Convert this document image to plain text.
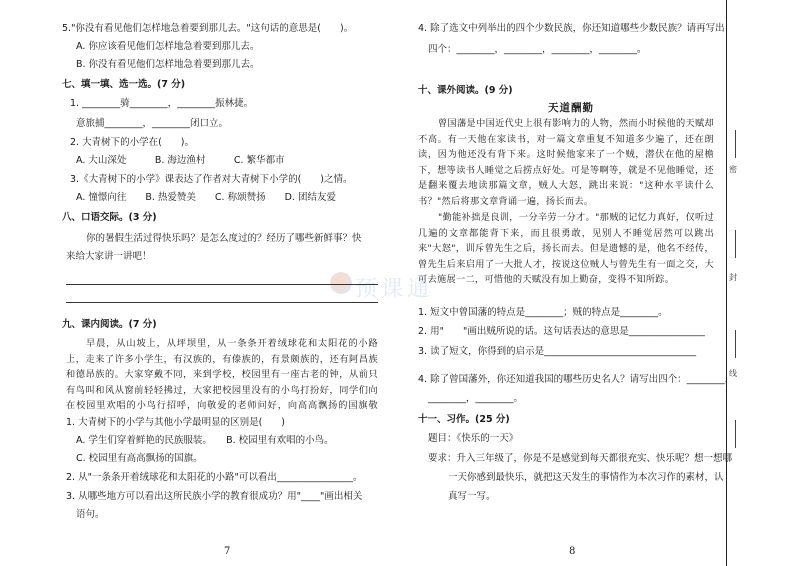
预课通
5."你没有看见他们怎样地急着要到那儿去。"这句话的意思是(　　)。
A. 你应该看见他们怎样地急着要到那儿去。
B. 你没有看见他们怎样地急着要到那儿去。
七、填一填、选一选。(7 分)
1. ________骑________，________振林捷。
意旅捕________，________闭口立。
2. 大青树下的小学在(　　)。
A. 大山深处　　　B. 海边渔村　　　C. 繁华都市
3.《大青树下的小学》课表达了作者对大青树下小学的(　　)之情。
A. 憧憬向往　　B. 热爱赞美　　C. 称颂赞扬　　D. 团结友爱
八、口语交际。(3 分)
你的暑假生活过得快乐吗？是怎么度过的？经历了哪些新鲜事？快
来给大家讲一讲吧！
九、课内阅读。(7 分)
早晨，从山坡上，从坪坝里，从一条条开着绒球花和太阳花的小路上，走来了许多小学生，有汉族的，有傣族的，有景颇族的，还有阿昌族和德昂族的。大家穿戴不同，来到学校，校园里有一座古老的钟，从前只有鸟叫和风从窗前轻轻拂过，大家把校园里没有的小鸟打扮好，同学们向在校园里欢唱的小鸟行招呼，向敬爱的老师问好，向高高飘扬的国旗敬
1. 大青树下的小学与其他小学最明显的区别是(　　)
A. 学生们穿着鲜艳的民族服装。　　B. 校园里有欢唱的小鸟。
C. 校园里有高高飘扬的国旗。
2. 从"一条条开着绒球花和太阳花的小路"可以看出________________。
3. 从哪些地方可以看出这所民族小学的教育很成功？用"____"画出相关
语句。
7
4. 除了选文中列举出的四个少数民族，你还知道哪些少数民族？请再写出
四个：________，________，________，________。
十、课外阅读。(9 分)
天道酬勤
曾国藩是中国近代史上很有影响力的人物，然而小时候他的天赋却不高。有一天他在家读书，对一篇文章重复不知道多少遍了，还在朗读，因为他还没有背下来。这时候他家来了一个贼，潜伏在他的屋檐下，想等读书人睡觉之后捞点好处。可是等啊等，就是不见他睡觉，还是翻来覆去地读那篇文章，贼人大怒，跳出来说："这种水平读什么书？"然后将那文章背诵一遍，扬长而去。
"勤能补拙是良训，一分辛劳一分才。"那贼的记忆力真好，仅听过几遍的文章都能背下来，而且很勇敢，见别人不睡觉居然可以跳出来"大怒"，训斥曾先生之后，扬长而去。但是遗憾的是，他名不经传，曾先生后来启用了一大批人才，按说这位贼人与曾先生有一面之交，大可去施展一二，可惜他的天赋没有加上勤奋，变得不知所踪。
1. 短文中曾国藩的特点是________；贼的特点是________。
2. 用"　　"画出贼所说的话。这句话表达的意思是________________
3. 读了短文，你得到的启示是________________________________
4. 除了曾国藩外，你还知道我国的哪些历史名人？请写出四个：________，
________，________。
十一、习作。(25 分)
题目：《快乐的一天》
要求：升入三年级了，你是不是感觉到每天都很充实、快乐呢？想一想哪
一天你感到最快乐，就把这天发生的事情作为本次习作的素材，认
真写一写。
8
密
封
线
